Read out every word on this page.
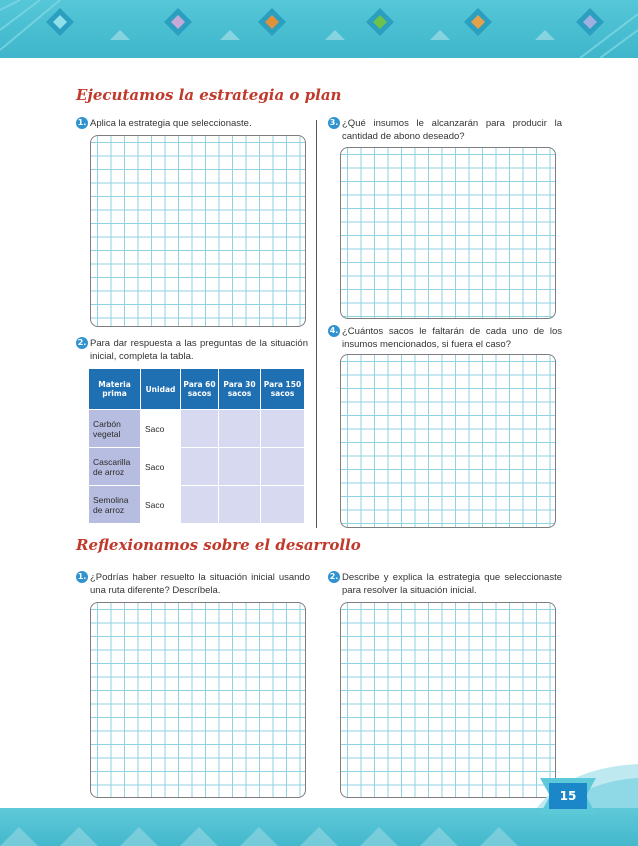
Ejecutamos la estrategia o plan
1. Aplica la estrategia que seleccionaste.
2. Para dar respuesta a las preguntas de la situación inicial, completa la tabla.
Materia prima	Unidad	Para 60 sacos	Para 30 sacos	Para 150 sacos
Carbón vegetal	Saco			
Cascarilla de arroz	Saco			
Semolina de arroz	Saco			
3. ¿Qué insumos le alcanzarán para producir la cantidad de abono deseado?
4. ¿Cuántos sacos le faltarán de cada uno de los insumos mencionados, si fuera el caso?
Reflexionamos sobre el desarrollo
1. ¿Podrías haber resuelto la situación inicial usando una ruta diferente? Descríbela.
2. Describe y explica la estrategia que seleccionaste para resolver la situación inicial.
15
